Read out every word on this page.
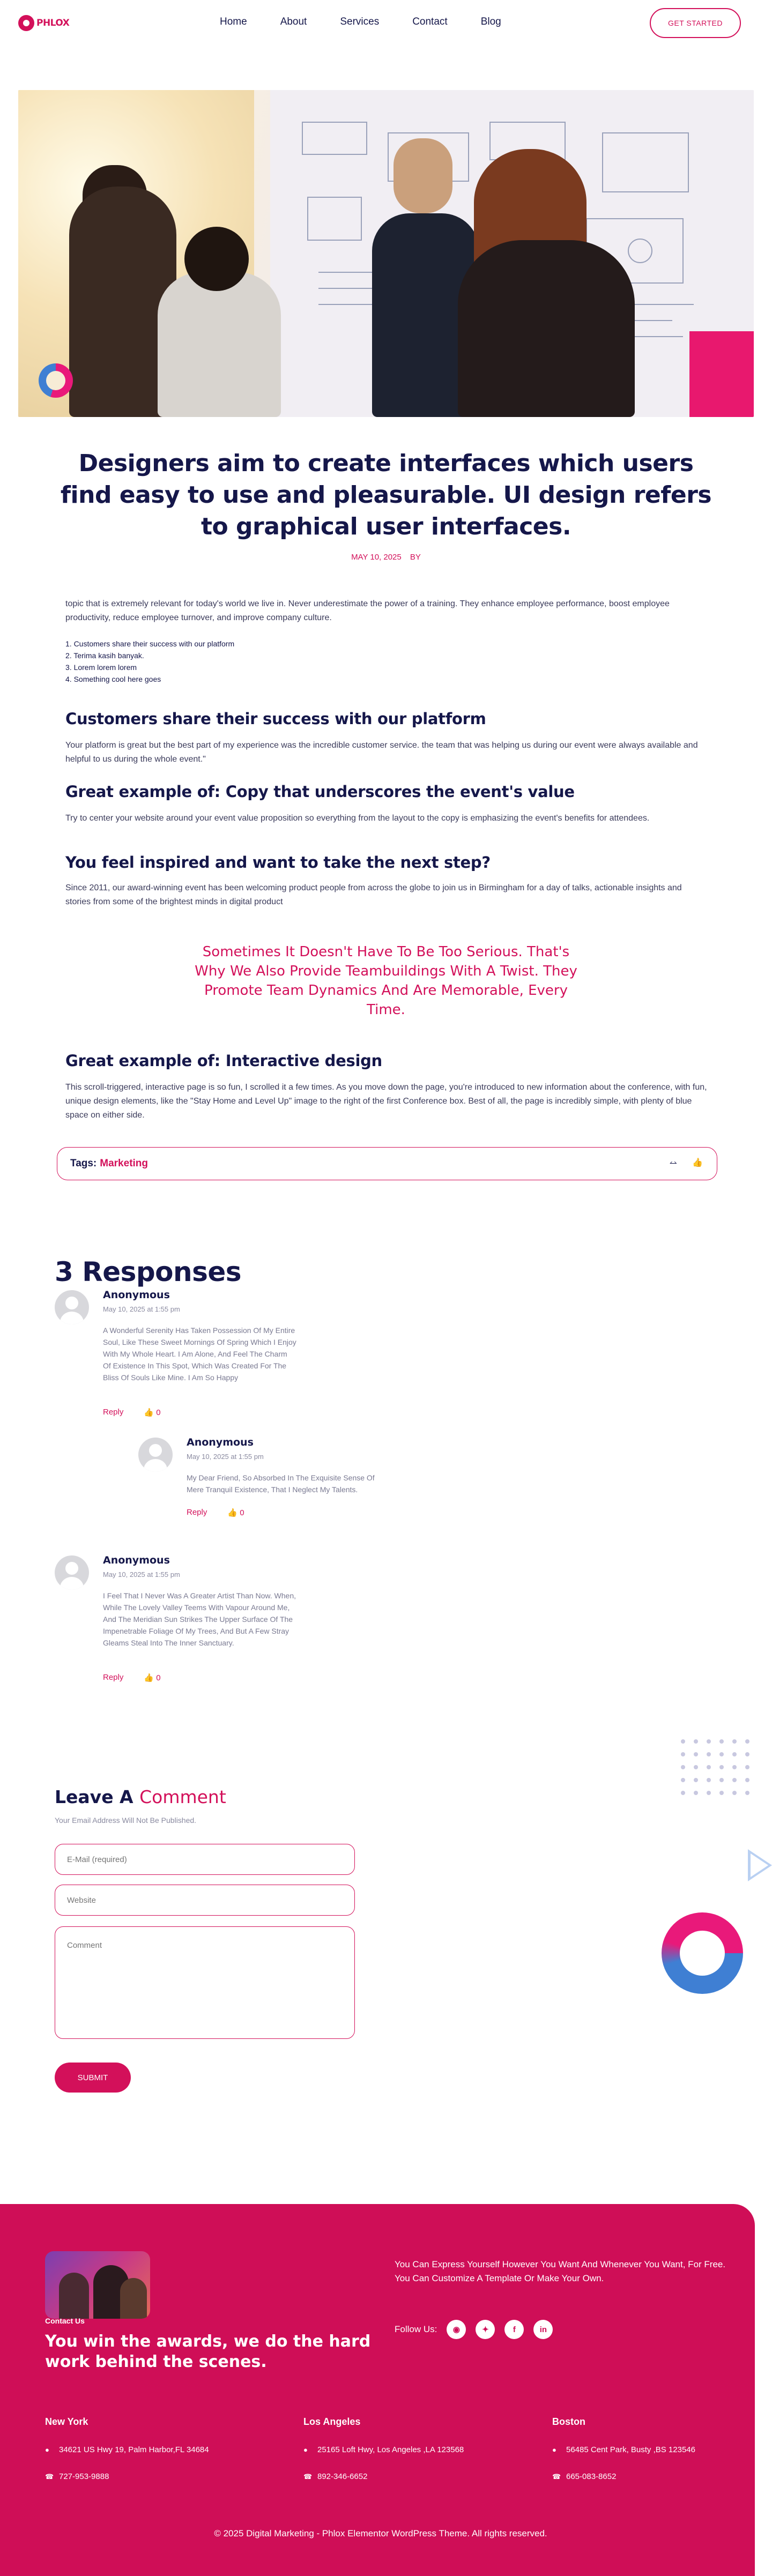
PHLOX	Home	About	Services	Contact	Blog	GET STARTED
Designers aim to create interfaces which users find easy to use and pleasurable. UI design refers to graphical user interfaces.
MAY 10, 2025 BY

topic that is extremely relevant for today's world we live in. Never underestimate the power of a training. They enhance employee performance, boost employee productivity, reduce employee turnover, and improve company culture.

1. Customers share their success with our platform
2. Terima kasih banyak.
3. Lorem lorem lorem
4. Something cool here goes
Customers share their success with our platform

Your platform is great but the best part of my experience was the incredible customer service. the team that was helping us during our event were always available and helpful to us during the whole event."

Great example of: Copy that underscores the event's value

Try to center your website around your event value proposition so everything from the layout to the copy is emphasizing the event's benefits for attendees.

You feel inspired and want to take the next step?

Since 2011, our award-winning event has been welcoming product people from across the globe to join us in Birmingham for a day of talks, actionable insights and stories from some of the brightest minds in digital product

Sometimes It Doesn't Have To Be Too Serious. That's Why We Also Provide Teambuildings With A Twist. They Promote Team Dynamics And Are Memorable, Every Time.
Great example of: Interactive design

This scroll-triggered, interactive page is so fun, I scrolled it a few times. As you move down the page, you're introduced to new information about the conference, with fun, unique design elements, like the "Stay Home and Level Up" image to the right of the first Conference box. Best of all, the page is incredibly simple, with plenty of blue space on either side.

Tags: Marketing	⥎ 👍
3 Responses
Anonymous
May 10, 2025 at 1:55 pm
A Wonderful Serenity Has Taken Possession Of My Entire Soul, Like These Sweet Mornings Of Spring Which I Enjoy With My Whole Heart. I Am Alone, And Feel The Charm Of Existence In This Spot, Which Was Created For The Bliss Of Souls Like Mine. I Am So Happy
Reply	👍 0
Anonymous
May 10, 2025 at 1:55 pm
My Dear Friend, So Absorbed In The Exquisite Sense Of Mere Tranquil Existence, That I Neglect My Talents.
Reply	👍 0
Anonymous
May 10, 2025 at 1:55 pm
I Feel That I Never Was A Greater Artist Than Now. When, While The Lovely Valley Teems With Vapour Around Me, And The Meridian Sun Strikes The Upper Surface Of The Impenetrable Foliage Of My Trees, And But A Few Stray Gleams Steal Into The Inner Sanctuary.
Reply	👍 0
Leave A Comment
Your Email Address Will Not Be Published.
E-Mail (required)
Website
Comment
SUBMIT
Contact Us
You win the awards, we do the hard work behind the scenes.
You Can Express Yourself However You Want And Whenever You Want, For Free. You Can Customize A Template Or Make Your Own.
Follow Us:	◉	✦	f	in
New York
●	34621 US Hwy 19, Palm Harbor,FL 34684
☎ 727-953-9888
Los Angeles
●	25165 Loft Hwy, Los Angeles ,LA 123568
☎ 892-346-6652
Boston
●	56485 Cent Park, Busty ,BS 123546
☎ 665-083-8652
© 2025 Digital Marketing - Phlox Elementor WordPress Theme. All rights reserved.
